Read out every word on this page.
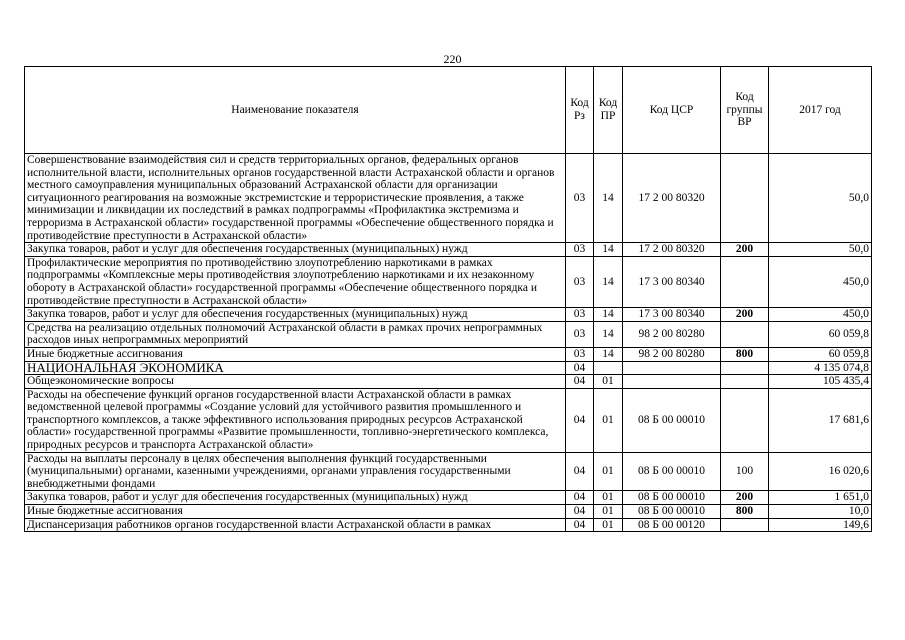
220
Наименование показателя	Код Рз	Код ПР	Код ЦСР	Код группы ВР	2017 год
Совершенствование взаимодействия сил и средств территориальных органов, федеральных органов исполнительной власти, исполнительных органов государственной власти Астраханской области и органов местного самоуправления муниципальных образований Астраханской области для организации ситуационного реагирования на возможные экстремистские и террористические проявления, а также минимизации и ликвидации их последствий в рамках подпрограммы «Профилактика экстремизма и терроризма в Астраханской области» государственной программы «Обеспечение общественного порядка и противодействие преступности в Астраханской области»	03	14	17 2 00 80320		50,0
Закупка товаров, работ и услуг для обеспечения государственных (муниципальных) нужд	03	14	17 2 00 80320	200	50,0
Профилактические мероприятия по противодействию злоупотреблению наркотиками в рамках подпрограммы «Комплексные меры противодействия злоупотреблению наркотиками и их незаконному обороту в Астраханской области» государственной программы «Обеспечение общественного порядка и противодействие преступности в Астраханской области»	03	14	17 3 00 80340		450,0
Закупка товаров, работ и услуг для обеспечения государственных (муниципальных) нужд	03	14	17 3 00 80340	200	450,0
Средства на реализацию отдельных полномочий Астраханской области в рамках прочих непрограммных расходов иных непрограммных мероприятий	03	14	98 2 00 80280		60 059,8
Иные бюджетные ассигнования	03	14	98 2 00 80280	800	60 059,8
НАЦИОНАЛЬНАЯ ЭКОНОМИКА	04				4 135 074,8
Общеэкономические вопросы	04	01			105 435,4
Расходы на обеспечение функций органов государственной власти Астраханской области в рамках ведомственной целевой программы «Создание условий для устойчивого развития промышленного и транспортного комплексов, а также эффективного использования природных ресурсов Астраханской области» государственной программы «Развитие промышленности, топливно-энергетического комплекса, природных ресурсов и транспорта Астраханской области»	04	01	08 Б 00 00010		17 681,6
Расходы на выплаты персоналу в целях обеспечения выполнения функций государственными (муниципальными) органами, казенными учреждениями, органами управления государственными внебюджетными фондами	04	01	08 Б 00 00010	100	16 020,6
Закупка товаров, работ и услуг для обеспечения государственных (муниципальных) нужд	04	01	08 Б 00 00010	200	1 651,0
Иные бюджетные ассигнования	04	01	08 Б 00 00010	800	10,0
Диспансеризация работников органов государственной власти Астраханской области в рамках	04	01	08 Б 00 00120		149,6
